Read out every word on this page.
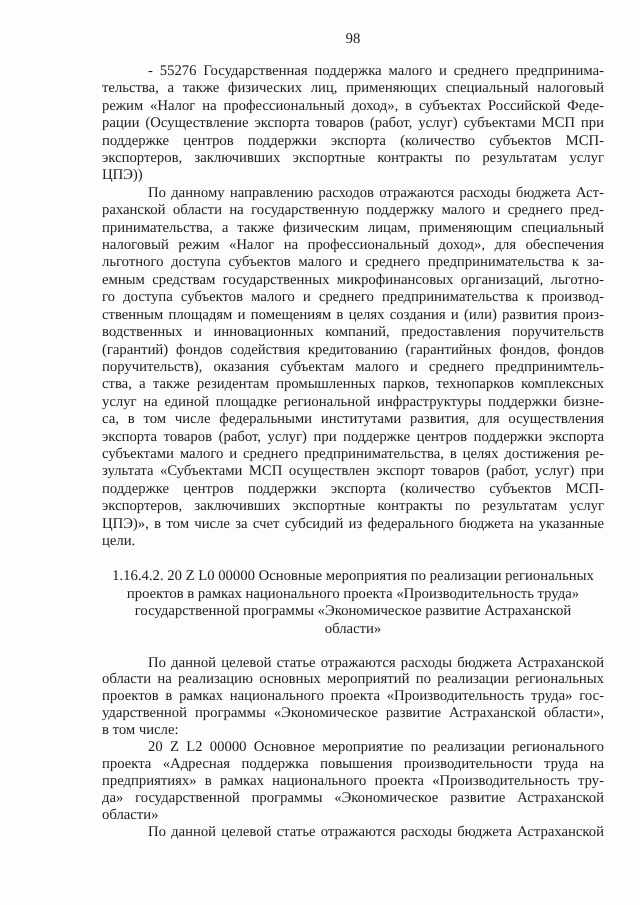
98
- 55276 Государственная поддержка малого и среднего предпринима-
тельства, а также физических лиц, применяющих специальный налоговый
режим «Налог на профессиональный доход», в субъектах Российской Феде-
рации (Осуществление экспорта товаров (работ, услуг) субъектами МСП при
поддержке центров поддержки экспорта (количество субъектов МСП-
экспортеров, заключивших экспортные контракты по результатам услуг
ЦПЭ))
По данному направлению расходов отражаются расходы бюджета Аст-
раханской области на государственную поддержку малого и среднего пред-
принимательства, а также физическим лицам, применяющим специальный
налоговый режим «Налог на профессиональный доход», для обеспечения
льготного доступа субъектов малого и среднего предпринимательства к за-
емным средствам государственных микрофинансовых организаций, льготно-
го доступа субъектов малого и среднего предпринимательства к производ-
ственным площадям и помещениям в целях создания и (или) развития произ-
водственных и инновационных компаний, предоставления поручительств
(гарантий) фондов содействия кредитованию (гарантийных фондов, фондов
поручительств), оказания субъектам малого и среднего предпринимтель-
ства, а также резидентам промышленных парков, технопарков комплексных
услуг на единой площадке региональной инфраструктуры поддержки бизне-
са, в том числе федеральными институтами развития, для осуществления
экспорта товаров (работ, услуг) при поддержке центров поддержки экспорта
субъектами малого и среднего предпринимательства, в целях достижения ре-
зультата «Субъектами МСП осуществлен экспорт товаров (работ, услуг) при
поддержке центров поддержки экспорта (количество субъектов МСП-
экспортеров, заключивших экспортные контракты по результатам услуг
ЦПЭ)», в том числе за счет субсидий из федерального бюджета на указанные
цели.
1.16.4.2. 20 Z L0 00000 Основные мероприятия по реализации региональных
проектов в рамках национального проекта «Производительность труда»
государственной программы «Экономическое развитие Астраханской
области»
По данной целевой статье отражаются расходы бюджета Астраханской
области на реализацию основных мероприятий по реализации региональных
проектов в рамках национального проекта «Производительность труда» гос-
ударственной программы «Экономическое развитие Астраханской области»,
в том числе:
20 Z L2 00000 Основное мероприятие по реализации регионального
проекта «Адресная поддержка повышения производительности труда на
предприятиях» в рамках национального проекта «Производительность тру-
да» государственной программы «Экономическое развитие Астраханской
области»
По данной целевой статье отражаются расходы бюджета Астраханской
